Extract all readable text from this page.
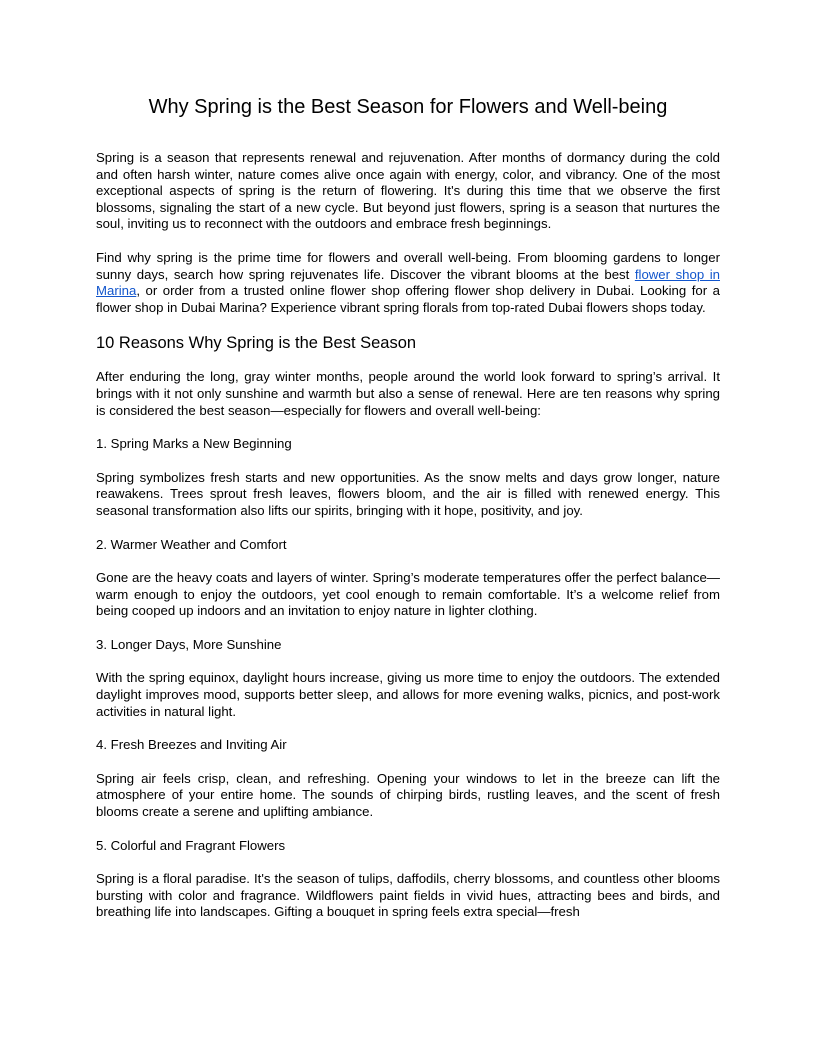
Why Spring is the Best Season for Flowers and Well-being

Spring is a season that represents renewal and rejuvenation. After months of dormancy during the cold and often harsh winter, nature comes alive once again with energy, color, and vibrancy. One of the most exceptional aspects of spring is the return of flowering. It's during this time that we observe the first blossoms, signaling the start of a new cycle. But beyond just flowers, spring is a season that nurtures the soul, inviting us to reconnect with the outdoors and embrace fresh beginnings.

Find why spring is the prime time for flowers and overall well-being. From blooming gardens to longer sunny days, search how spring rejuvenates life. Discover the vibrant blooms at the best flower shop in Marina, or order from a trusted online flower shop offering flower shop delivery in Dubai. Looking for a flower shop in Dubai Marina? Experience vibrant spring florals from top-rated Dubai flowers shops today.

10 Reasons Why Spring is the Best Season

After enduring the long, gray winter months, people around the world look forward to spring’s arrival. It brings with it not only sunshine and warmth but also a sense of renewal. Here are ten reasons why spring is considered the best season—especially for flowers and overall well-being:

1. Spring Marks a New Beginning

Spring symbolizes fresh starts and new opportunities. As the snow melts and days grow longer, nature reawakens. Trees sprout fresh leaves, flowers bloom, and the air is filled with renewed energy. This seasonal transformation also lifts our spirits, bringing with it hope, positivity, and joy.

2. Warmer Weather and Comfort

Gone are the heavy coats and layers of winter. Spring’s moderate temperatures offer the perfect balance—warm enough to enjoy the outdoors, yet cool enough to remain comfortable. It’s a welcome relief from being cooped up indoors and an invitation to enjoy nature in lighter clothing.

3. Longer Days, More Sunshine

With the spring equinox, daylight hours increase, giving us more time to enjoy the outdoors. The extended daylight improves mood, supports better sleep, and allows for more evening walks, picnics, and post-work activities in natural light.

4. Fresh Breezes and Inviting Air

Spring air feels crisp, clean, and refreshing. Opening your windows to let in the breeze can lift the atmosphere of your entire home. The sounds of chirping birds, rustling leaves, and the scent of fresh blooms create a serene and uplifting ambiance.

5. Colorful and Fragrant Flowers

Spring is a floral paradise. It's the season of tulips, daffodils, cherry blossoms, and countless other blooms bursting with color and fragrance. Wildflowers paint fields in vivid hues, attracting bees and birds, and breathing life into landscapes. Gifting a bouquet in spring feels extra special—fresh
